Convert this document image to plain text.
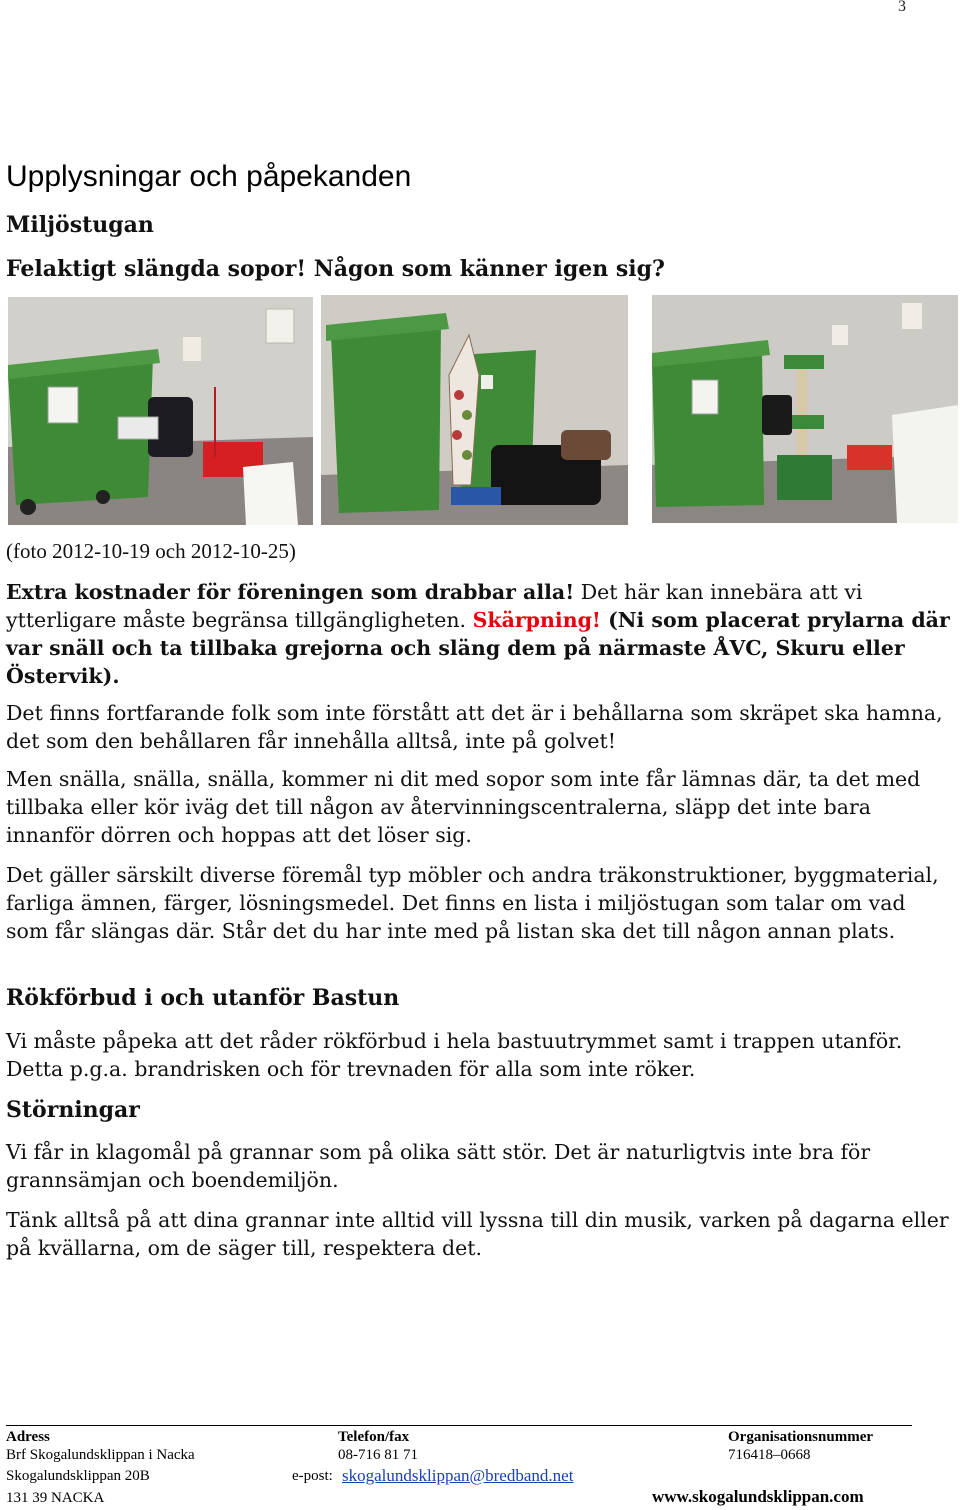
3
Upplysningar och påpekanden
Miljöstugan
Felaktigt slängda sopor! Någon som känner igen sig?
(foto 2012-10-19 och 2012-10-25)
Extra kostnader för föreningen som drabbar alla! Det här kan innebära att vi ytterligare måste begränsa tillgängligheten. Skärpning! (Ni som placerat prylarna där var snäll och ta tillbaka grejorna och släng dem på närmaste ÅVC, Skuru eller Östervik).
Det finns fortfarande folk som inte förstått att det är i behållarna som skräpet ska hamna, det som den behållaren får innehålla alltså, inte på golvet!
Men snälla, snälla, snälla, kommer ni dit med sopor som inte får lämnas där, ta det med tillbaka eller kör iväg det till någon av återvinningscentralerna, släpp det inte bara innanför dörren och hoppas att det löser sig.
Det gäller särskilt diverse föremål typ möbler och andra träkonstruktioner, byggmaterial, farliga ämnen, färger, lösningsmedel. Det finns en lista i miljöstugan som talar om vad som får slängas där. Står det du har inte med på listan ska det till någon annan plats.
Rökförbud i och utanför Bastun
Vi måste påpeka att det råder rökförbud i hela bastuutrymmet samt i trappen utanför. Detta p.g.a. brandrisken och för trevnaden för alla som inte röker.
Störningar
Vi får in klagomål på grannar som på olika sätt stör. Det är naturligtvis inte bra för grannsämjan och boendemiljön.
Tänk alltså på att dina grannar inte alltid vill lyssna till din musik, varken på dagarna eller på kvällarna, om de säger till, respektera det.
Adress	Telefon/fax	Organisationsnummer
Brf Skogalundsklippan i Nacka	08-716 81 71	716418–0668
Skogalundsklippan 20B	e-post: skogalundsklippan@bredband.net
131 39 NACKA	www.skogalundsklippan.com
